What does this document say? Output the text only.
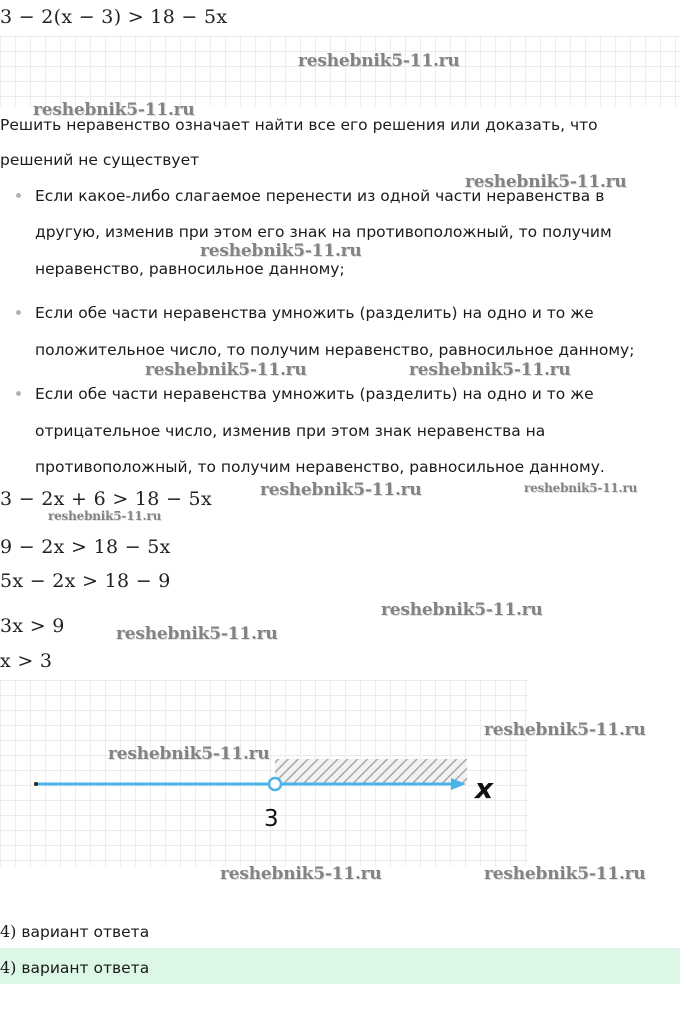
3 − 2(x − 3) > 18 − 5x
reshebnik5-11.ru
reshebnik5-11.ru
Решить неравенство означает найти все его решения или доказать, что
решений не существует
Если какое-либо слагаемое перенести из одной части неравенства в
другую, изменив при этом его знак на противоположный, то получим
неравенство, равносильное данному;
Если обе части неравенства умножить (разделить) на одно и то же
положительное число, то получим неравенство, равносильное данному;
Если обе части неравенства умножить (разделить) на одно и то же
отрицательное число, изменив при этом знак неравенства на
противоположный, то получим неравенство, равносильное данному.
reshebnik5-11.ru
reshebnik5-11.ru
reshebnik5-11.ru	reshebnik5-11.ru
3 − 2x + 6 > 18 − 5x
9 − 2x > 18 − 5x
5x − 2x > 18 − 9
3x > 9
x > 3
reshebnik5-11.ru	reshebnik5-11.ru
reshebnik5-11.ru
reshebnik5-11.ru
reshebnik5-11.ru
3
x
reshebnik5-11.ru
reshebnik5-11.ru
reshebnik5-11.ru	reshebnik5-11.ru
4) вариант ответа
4) вариант ответа
